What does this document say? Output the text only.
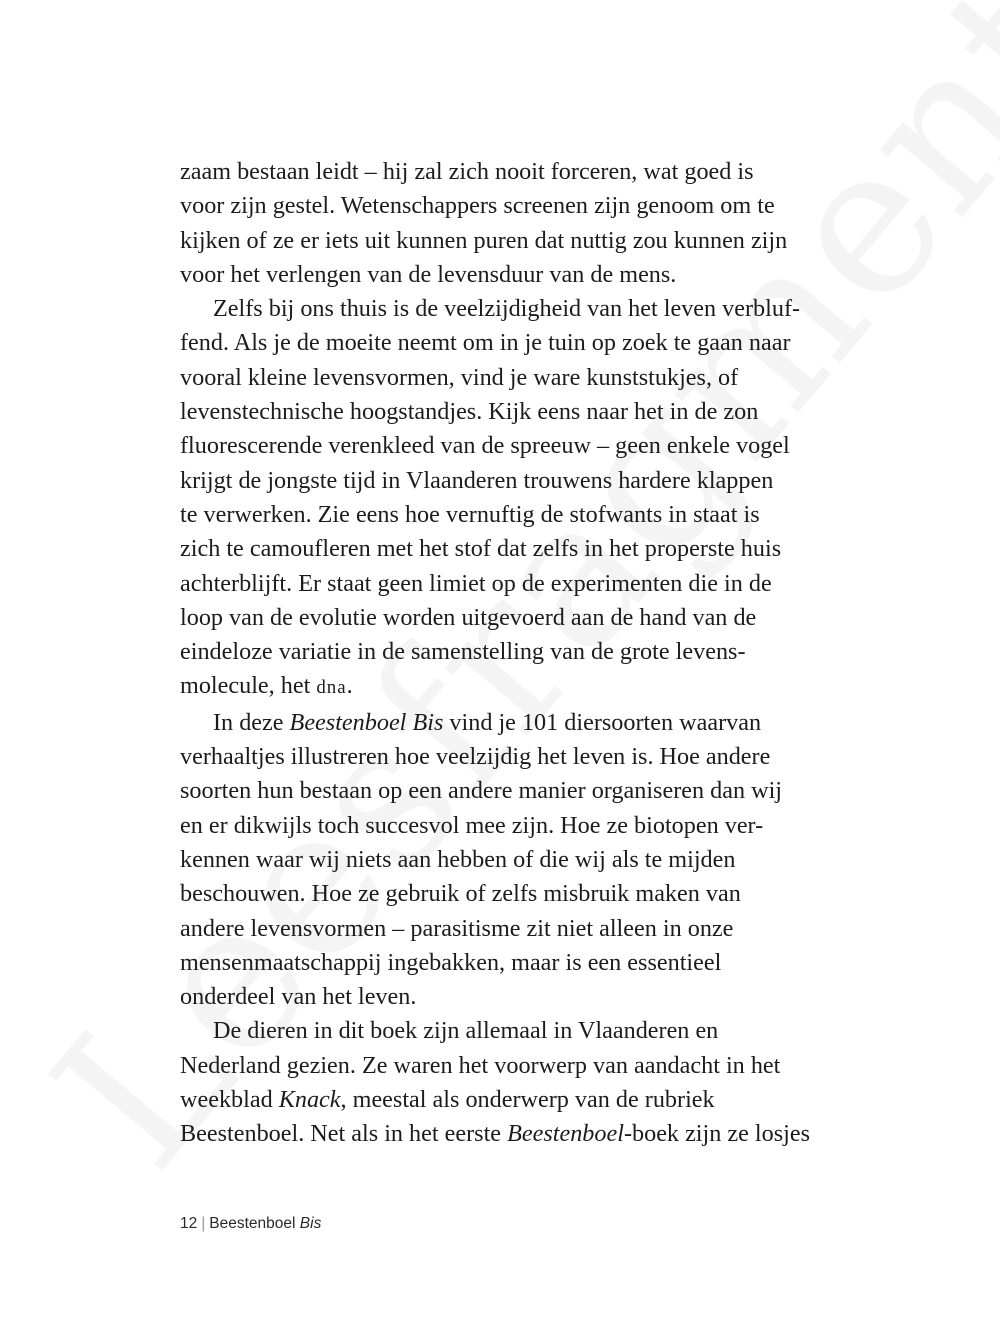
zaam bestaan leidt – hij zal zich nooit forceren, wat goed is
voor zijn gestel. Wetenschappers screenen zijn genoom om te
kijken of ze er iets uit kunnen puren dat nuttig zou kunnen zijn
voor het verlengen van de levensduur van de mens.

Zelfs bij ons thuis is de veelzijdigheid van het leven verbluf-
fend. Als je de moeite neemt om in je tuin op zoek te gaan naar
vooral kleine levensvormen, vind je ware kunststukjes, of
levenstechnische hoogstandjes. Kijk eens naar het in de zon
fluorescerende verenkleed van de spreeuw – geen enkele vogel
krijgt de jongste tijd in Vlaanderen trouwens hardere klappen
te verwerken. Zie eens hoe vernuftig de stofwants in staat is
zich te camoufleren met het stof dat zelfs in het properste huis
achterblijft. Er staat geen limiet op de experimenten die in de
loop van de evolutie worden uitgevoerd aan de hand van de
eindeloze variatie in de samenstelling van de grote levens-
molecule, het dna.

In deze Beestenboel Bis vind je 101 diersoorten waarvan
verhaaltjes illustreren hoe veelzijdig het leven is. Hoe andere
soorten hun bestaan op een andere manier organiseren dan wij
en er dikwijls toch succesvol mee zijn. Hoe ze biotopen ver-
kennen waar wij niets aan hebben of die wij als te mijden
beschouwen. Hoe ze gebruik of zelfs misbruik maken van
andere levensvormen – parasitisme zit niet alleen in onze
mensenmaatschappij ingebakken, maar is een essentieel
onderdeel van het leven.

De dieren in dit boek zijn allemaal in Vlaanderen en
Nederland gezien. Ze waren het voorwerp van aandacht in het
weekblad Knack, meestal als onderwerp van de rubriek
Beestenboel. Net als in het eerste Beestenboel-boek zijn ze losjes

12 | Beestenboel Bis
